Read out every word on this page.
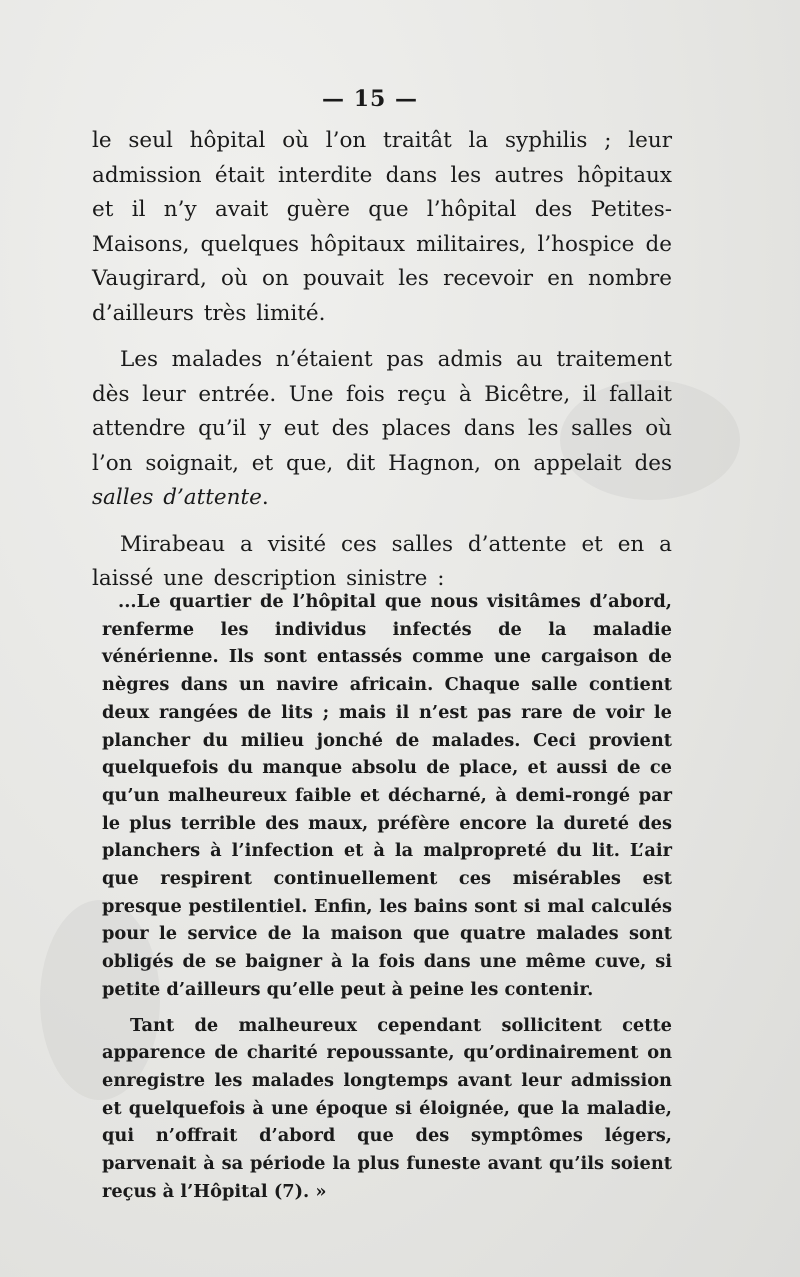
— 15 —

le seul hôpital où l’on traitât la syphilis ; leur admission était interdite dans les autres hôpitaux et il n’y avait guère que l’hôpital des Petites-Maisons, quelques hôpitaux militaires, l’hospice de Vaugirard, où on pouvait les recevoir en nombre d’ailleurs très limité.

Les malades n’étaient pas admis au traitement dès leur entrée. Une fois reçu à Bicêtre, il fallait attendre qu’il y eut des places dans les salles où l’on soignait, et que, dit Hagnon, on appelait des salles d’attente.

Mirabeau a visité ces salles d’attente et en a laissé une description sinistre :

...Le quartier de l’hôpital que nous visitâmes d’abord, renferme les individus infectés de la maladie vénérienne. Ils sont entassés comme une cargaison de nègres dans un navire africain. Chaque salle contient deux rangées de lits ; mais il n’est pas rare de voir le plancher du milieu jonché de malades. Ceci provient quelquefois du manque absolu de place, et aussi de ce qu’un malheureux faible et décharné, à demi-rongé par le plus terrible des maux, préfère encore la dureté des planchers à l’infection et à la malpropreté du lit. L’air que respirent continuellement ces misérables est presque pestilentiel. Enfin, les bains sont si mal calculés pour le service de la maison que quatre malades sont obligés de se baigner à la fois dans une même cuve, si petite d’ailleurs qu’elle peut à peine les contenir.

Tant de malheureux cependant sollicitent cette apparence de charité repoussante, qu’ordinairement on enregistre les malades longtemps avant leur admission et quelquefois à une époque si éloignée, que la maladie, qui n’offrait d’abord que des symptômes légers, parvenait à sa période la plus funeste avant qu’ils soient reçus à l’Hôpital (7). »
